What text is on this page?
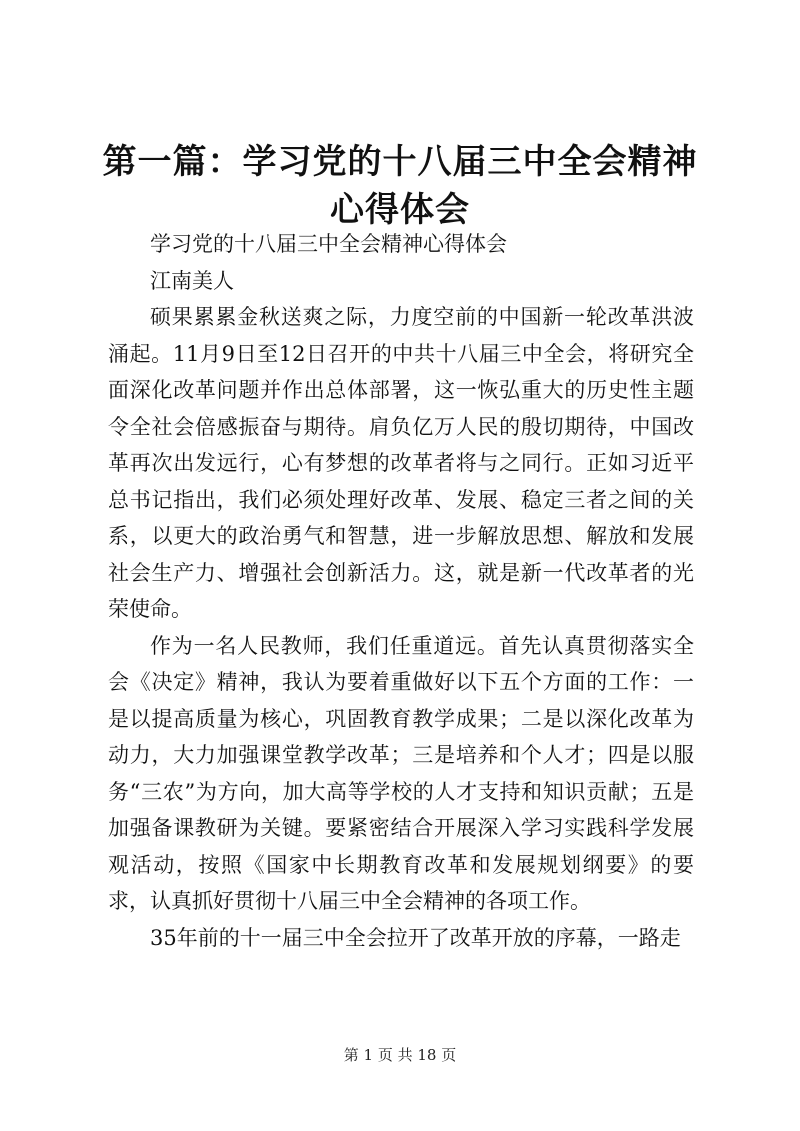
第一篇：学习党的十八届三中全会精神心得体会

学习党的十八届三中全会精神心得体会

江南美人

硕果累累金秋送爽之际，力度空前的中国新一轮改革洪波涌起。11月9日至12日召开的中共十八届三中全会，将研究全面深化改革问题并作出总体部署，这一恢弘重大的历史性主题令全社会倍感振奋与期待。肩负亿万人民的殷切期待，中国改革再次出发远行，心有梦想的改革者将与之同行。正如习近平总书记指出，我们必须处理好改革、发展、稳定三者之间的关系，以更大的政治勇气和智慧，进一步解放思想、解放和发展社会生产力、增强社会创新活力。这，就是新一代改革者的光荣使命。

作为一名人民教师，我们任重道远。首先认真贯彻落实全会《决定》精神，我认为要着重做好以下五个方面的工作：一是以提高质量为核心，巩固教育教学成果；二是以深化改革为动力，大力加强课堂教学改革；三是培养和个人才；四是以服务“三农”为方向，加大高等学校的人才支持和知识贡献；五是加强备课教研为关键。要紧密结合开展深入学习实践科学发展观活动，按照《国家中长期教育改革和发展规划纲要》的要求，认真抓好贯彻十八届三中全会精神的各项工作。

35年前的十一届三中全会拉开了改革开放的序幕，一路走

第 1 页 共 18 页
